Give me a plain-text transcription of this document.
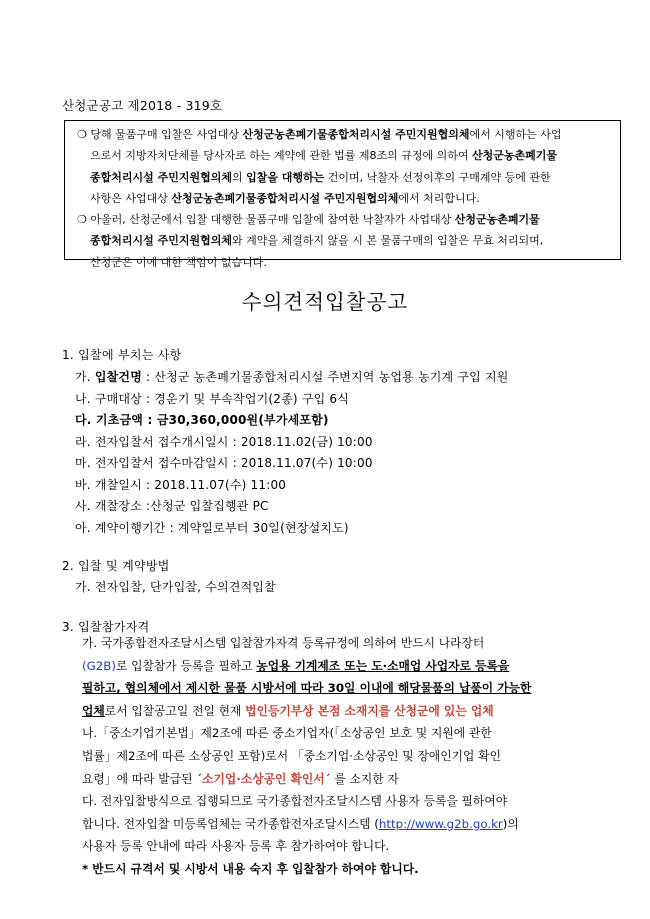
산청군공고 제2018 - 319호

❍ 당해 물품구매 입찰은 사업대상 산청군농촌폐기물종합처리시설 주민지원협의체에서 시행하는 사업
으로서 지방자치단체를 당사자로 하는 계약에 관한 법률 제8조의 규정에 의하여 산청군농촌폐기물
종합처리시설 주민지원협의체의 입찰을 대행하는 건이며, 낙찰자 선정이후의 구매계약 등에 관한
사항은 사업대상 산청군농촌폐기물종합처리시설 주민지원협의체에서 처리합니다.

❍ 아울러, 산청군에서 입찰 대행한 물품구매 입찰에 참여한 낙찰자가 사업대상 산청군농촌폐기물
종합처리시설 주민지원협의체와 계약을 체결하지 않을 시 본 물품구매의 입찰은 무효 처리되며,
산청군은 이에 대한 책임이 없습니다.

수의견적입찰공고
1. 입찰에 부치는 사항
가. 입찰건명 : 산청군 농촌폐기물종합처리시설 주변지역 농업용 농기계 구입 지원
나. 구매대상 : 경운기 및 부속작업기(2종) 구입 6식
다. 기초금액 : 금30,360,000원(부가세포함)
라. 전자입찰서 접수개시일시 : 2018.11.02(금) 10:00
마. 전자입찰서 접수마감일시 : 2018.11.07(수) 10:00
바. 개찰일시 : 2018.11.07(수) 11:00
사. 개찰장소 :산청군 입찰집행관 PC
아. 계약이행기간 : 계약일로부터 30일(현장설치도)
2. 입찰 및 계약방법
가. 전자입찰, 단가입찰, 수의견적입찰
3. 입찰참가자격

가. 국가종합전자조달시스템 입찰참가자격 등록규정에 의하여 반드시 나라장터
(G2B)로 입찰참가 등록을 필하고 농업용 기계제조 또는 도·소매업 사업자로 등록을
필하고, 협의체에서 제시한 물품 시방서에 따라 30일 이내에 해당물품의 납품이 가능한
업체로서 입찰공고일 전일 현재 법인등기부상 본점 소재지를 산청군에 있는 업체

나.「중소기업기본법」제2조에 따른 중소기업자(「소상공인 보호 및 지원에 관한
법률」제2조에 따른 소상공인 포함)로서 「중소기업·소상공인 및 장애인기업 확인
요령」에 따라 발급된 ´소기업·소상공인 확인서´ 를 소지한 자

다. 전자입찰방식으로 집행되므로 국가종합전자조달시스템 사용자 등록을 필하여야
합니다. 전자입찰 미등록업체는 국가종합전자조달시스템 (http://www.g2b.go.kr)의
사용자 등록 안내에 따라 사용자 등록 후 참가하여야 합니다.

* 반드시 규격서 및 시방서 내용 숙지 후 입찰참가 하여야 합니다.
